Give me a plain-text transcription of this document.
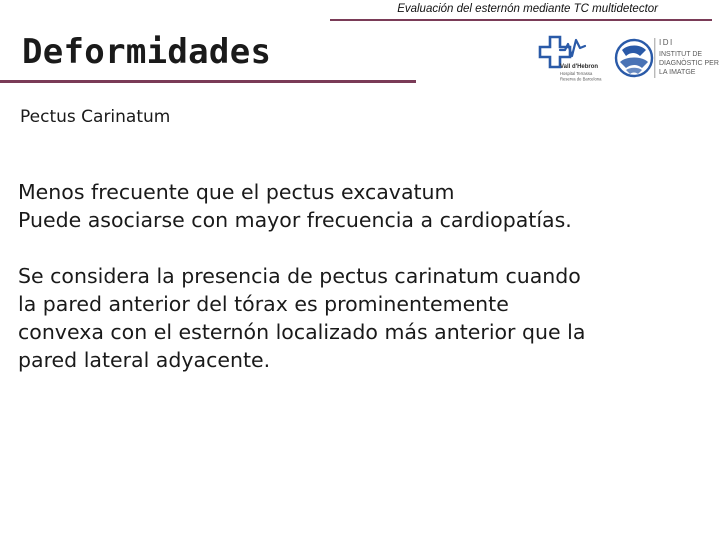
Evaluación del esternón mediante TC multidetector
Deformidades	Vall d'Hebron
Hospital Terrassa
Reserva de Barcelona
IDI
INSTITUT DE
DIAGNÒSTIC PER
LA IMATGE
Pectus Carinatum

Menos frecuente que el pectus excavatum

Puede asociarse con mayor frecuencia a cardiopatías.

Se considera la presencia de pectus carinatum cuando

la pared anterior del tórax es prominentemente

convexa con el esternón localizado más anterior que la

pared lateral adyacente.
